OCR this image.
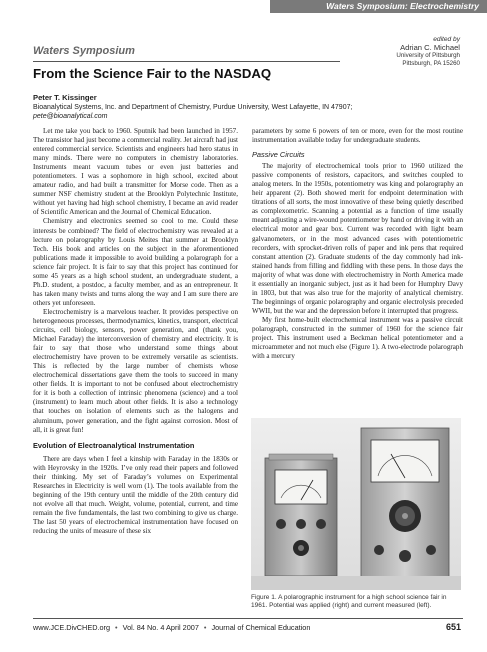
Waters Symposium: Electrochemistry
Waters Symposium
edited by
Adrian C. Michael
University of Pittsburgh
Pittsburgh, PA 15260
From the Science Fair to the NASDAQ
Peter T. Kissinger
Bioanalytical Systems, Inc. and Department of Chemistry, Purdue University, West Lafayette, IN 47907;
pete@bioanalytical.com

Let me take you back to 1960. Sputnik had been launched in 1957. The transistor had just become a commercial reality. Jet aircraft had just entered commercial service. Scientists and engineers had hero status in many minds. There were no computers in chemistry laboratories. Instruments meant vacuum tubes or even just batteries and potentiometers. I was a sophomore in high school, excited about amateur radio, and had built a transmitter for Morse code. Then as a summer NSF chemistry student at the Brooklyn Polytechnic Institute, without yet having had high school chemistry, I became an avid reader of Scientific American and the Journal of Chemical Education.

Chemistry and electronics seemed so cool to me. Could these interests be combined? The field of electrochemistry was revealed at a lecture on polarography by Louis Meites that summer at Brooklyn Tech. His book and articles on the subject in the aforementioned publications made it impossible to avoid building a polarograph for a science fair project. It is fair to say that this project has continued for some 45 years as a high school student, an undergraduate student, a Ph.D. student, a postdoc, a faculty member, and as an entrepreneur. It has taken many twists and turns along the way and I am sure there are others yet unforeseen.

Electrochemistry is a marvelous teacher. It provides perspective on heterogeneous processes, thermodynamics, kinetics, transport, electrical circuits, cell biology, sensors, power generation, and (thank you, Michael Faraday) the interconversion of chemistry and electricity. It is fair to say that those who understand some things about electrochemistry have proven to be extremely versatile as scientists. This is reflected by the large number of chemists whose electrochemical dissertations gave them the tools to succeed in many other fields. It is important to not be confused about electrochemistry for it is both a collection of intrinsic phenomena (science) and a tool (instrument) to learn much about other fields. It is also a technology that touches on isolation of elements such as the halogens and aluminum, power generation, and the fight against corrosion. Most of all, it is great fun!

Evolution of Electroanalytical Instrumentation

There are days when I feel a kinship with Faraday in the 1830s or with Heyrovsky in the 1920s. I’ve only read their papers and followed their thinking. My set of Faraday’s volumes on Experimental Researches in Electricity is well worn (1). The tools available from the beginning of the 19th century until the middle of the 20th century did not evolve all that much. Weight, volume, potential, current, and time remain the five fundamentals, the last two combining to give us charge. The last 50 years of electrochemical instrumentation have focused on reducing the units of measure of these six

parameters by some 6 powers of ten or more, even for the most routine instrumentation available today for undergraduate students.

Passive Circuits

The majority of electrochemical tools prior to 1960 utilized the passive components of resistors, capacitors, and switches coupled to analog meters. In the 1950s, potentiometry was king and polarography an heir apparent (2). Both showed merit for endpoint determination with titrations of all sorts, the most innovative of these being quietly described as complexometric. Scanning a potential as a function of time usually meant adjusting a wire-wound potentiometer by hand or driving it with an electrical motor and gear box. Current was recorded with light beam galvanometers, or in the most advanced cases with potentiometric recorders, with sprocket-driven rolls of paper and ink pens that required constant attention (2). Graduate students of the day commonly had ink-stained hands from filling and fiddling with these pens. In those days the majority of what was done with electrochemistry in North America made it essentially an inorganic subject, just as it had been for Humphry Davy in 1803, but that was also true for the majority of analytical chemistry. The beginnings of organic polarography and organic electrolysis preceded WWII, but the war and the depression before it interrupted that progress.

My first home-built electrochemical instrument was a passive circuit polarograph, constructed in the summer of 1960 for the science fair project. This instrument used a Beckman helical potentiometer and a microammeter and not much else (Figure 1). A two-electrode polarograph with a mercury

Figure 1. A polarographic instrument for a high school science fair in 1961. Potential was applied (right) and current measured (left).
www.JCE.DivCHED.org • Vol. 84 No. 4 April 2007 • Journal of Chemical Education	651
